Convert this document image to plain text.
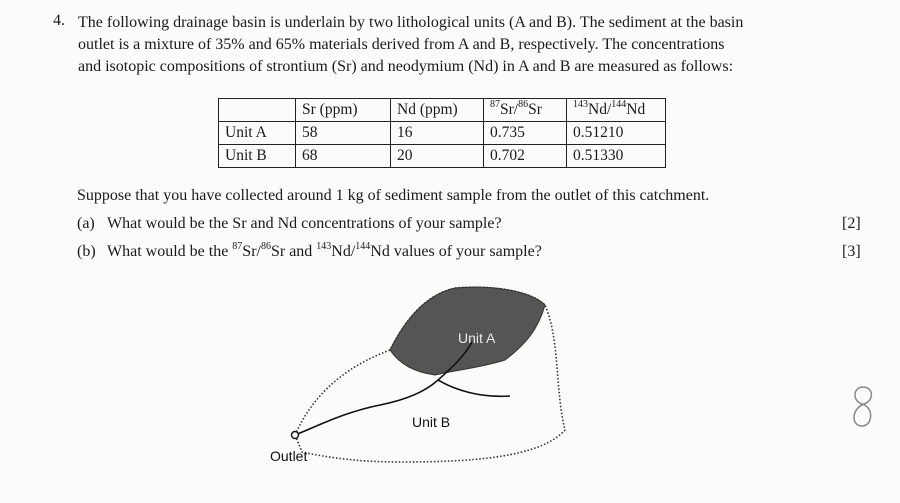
4. The following drainage basin is underlain by two lithological units (A and B). The sediment at the basin
outlet is a mixture of 35% and 65% materials derived from A and B, respectively. The concentrations
and isotopic compositions of strontium (Sr) and neodymium (Nd) in A and B are measured as follows:
	Sr (ppm)	Nd (ppm)	$^{87}$Sr/$^{86}$Sr	$^{143}$Nd/$^{144}$Nd
Unit A	58	16	0.735	0.51210
Unit B	68	20	0.702	0.51330
Suppose that you have collected around 1 kg of sediment sample from the outlet of this catchment.
(a) What would be the Sr and Nd concentrations of your sample?	[2]
(b) What would be the $^{87}$Sr/$^{86}$Sr and $^{143}$Nd/$^{144}$Nd values of your sample?	[3]
Unit A
Unit B
Outlet
